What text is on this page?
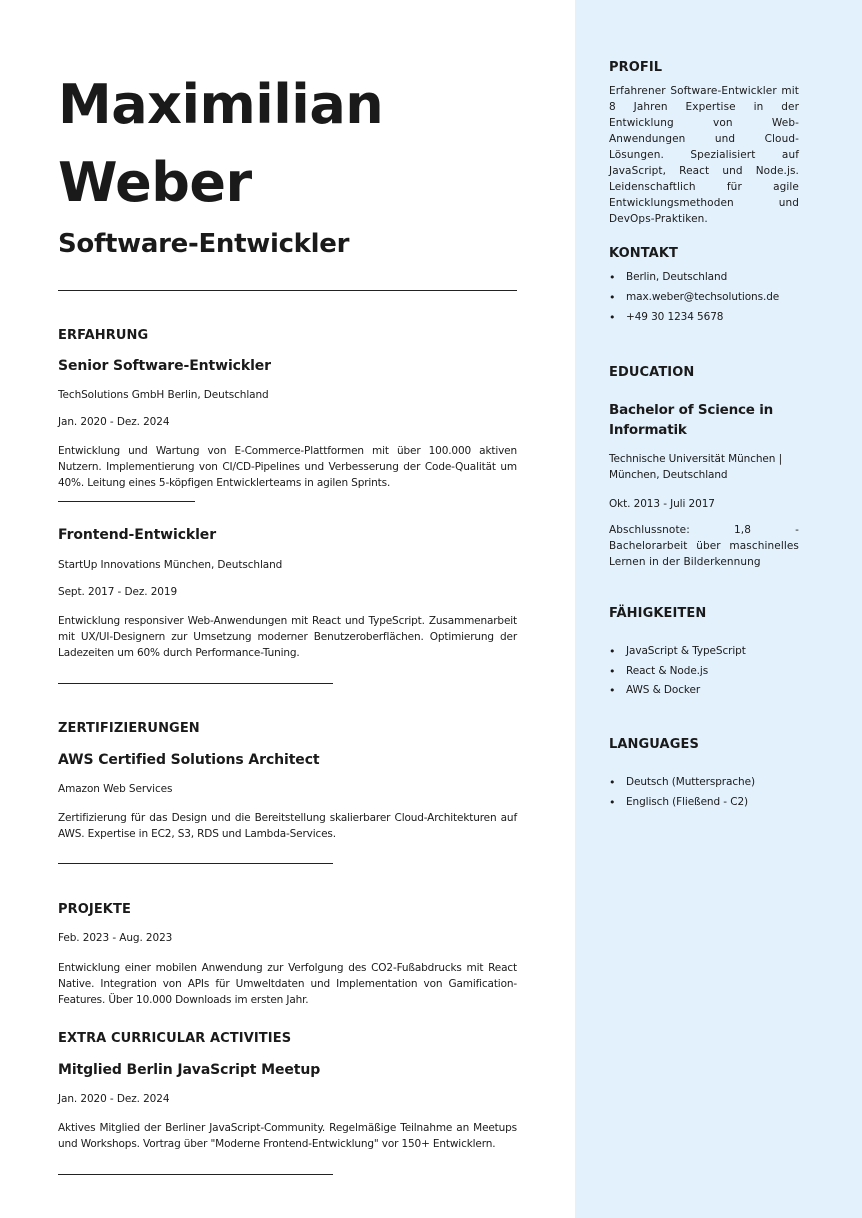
Maximilian
Weber
Software-Entwickler
ERFAHRUNG
Senior Software-Entwickler

TechSolutions GmbH Berlin, Deutschland

Jan. 2020 - Dez. 2024

Entwicklung und Wartung von E-Commerce-Plattformen mit über 100.000 aktiven Nutzern. Implementierung von CI/CD-Pipelines und Verbesserung der Code-Qualität um 40%. Leitung eines 5-köpfigen Entwicklerteams in agilen Sprints.

Frontend-Entwickler

StartUp Innovations München, Deutschland

Sept. 2017 - Dez. 2019

Entwicklung responsiver Web-Anwendungen mit React und TypeScript. Zusammenarbeit mit UX/UI-Designern zur Umsetzung moderner Benutzeroberflächen. Optimierung der Ladezeiten um 60% durch Performance-Tuning.

ZERTIFIZIERUNGEN
AWS Certified Solutions Architect

Amazon Web Services

Zertifizierung für das Design und die Bereitstellung skalierbarer Cloud-Architekturen auf AWS. Expertise in EC2, S3, RDS und Lambda-Services.

PROJEKTE

Feb. 2023 - Aug. 2023

Entwicklung einer mobilen Anwendung zur Verfolgung des CO2-Fußabdrucks mit React Native. Integration von APIs für Umweltdaten und Implementation von Gamification-Features. Über 10.000 Downloads im ersten Jahr.

EXTRA CURRICULAR ACTIVITIES
Mitglied Berlin JavaScript Meetup

Jan. 2020 - Dez. 2024

Aktives Mitglied der Berliner JavaScript-Community. Regelmäßige Teilnahme an Meetups und Workshops. Vortrag über "Moderne Frontend-Entwicklung" vor 150+ Entwicklern.

PROFIL

Erfahrener Software-Entwickler mit 8 Jahren Expertise in der Entwicklung von Web-Anwendungen und Cloud-Lösungen. Spezialisiert auf JavaScript, React und Node.js. Leidenschaftlich für agile Entwicklungsmethoden und DevOps-Praktiken.

KONTAKT
• Berlin, Deutschland
• max.weber@techsolutions.de
• +49 30 1234 5678
EDUCATION
Bachelor of Science in Informatik

Technische Universität München | München, Deutschland

Okt. 2013 - Juli 2017

Abschlussnote: 1,8 - Bachelorarbeit über maschinelles Lernen in der Bilderkennung

FÄHIGKEITEN
• JavaScript & TypeScript
• React & Node.js
• AWS & Docker
LANGUAGES
• Deutsch (Muttersprache)
• Englisch (Fließend - C2)
